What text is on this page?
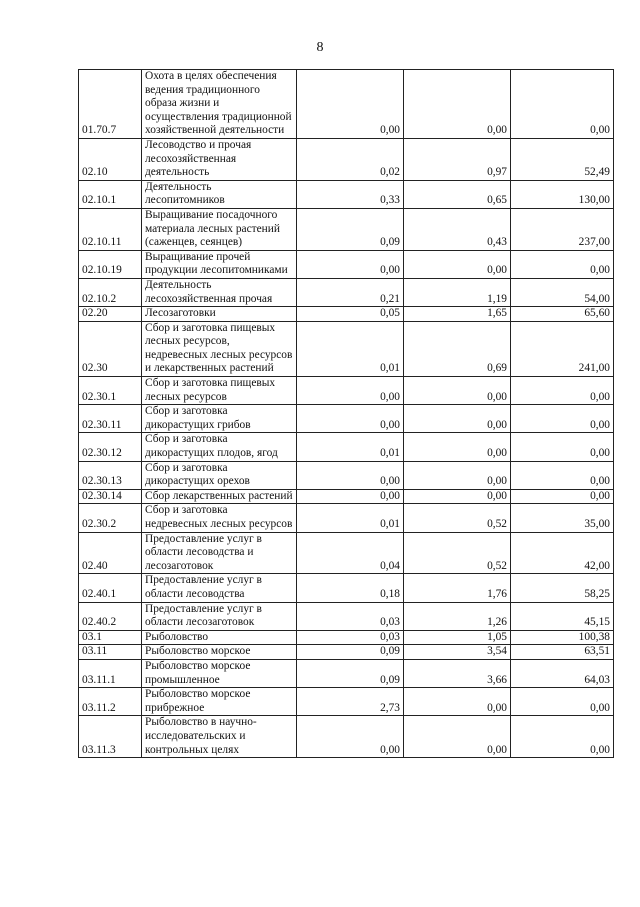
8
01.70.7	Охота в целях обеспечения ведения традиционного образа жизни и осуществления традиционной хозяйственной деятельности	0,00	0,00	0,00
02.10	Лесоводство и прочая лесохозяйственная деятельность	0,02	0,97	52,49
02.10.1	Деятельность лесопитомников	0,33	0,65	130,00
02.10.11	Выращивание посадочного материала лесных растений (саженцев, сеянцев)	0,09	0,43	237,00
02.10.19	Выращивание прочей продукции лесопитомниками	0,00	0,00	0,00
02.10.2	Деятельность лесохозяйственная прочая	0,21	1,19	54,00
02.20	Лесозаготовки	0,05	1,65	65,60
02.30	Сбор и заготовка пищевых лесных ресурсов, недревесных лесных ресурсов и лекарственных растений	0,01	0,69	241,00
02.30.1	Сбор и заготовка пищевых лесных ресурсов	0,00	0,00	0,00
02.30.11	Сбор и заготовка дикорастущих грибов	0,00	0,00	0,00
02.30.12	Сбор и заготовка дикорастущих плодов, ягод	0,01	0,00	0,00
02.30.13	Сбор и заготовка дикорастущих орехов	0,00	0,00	0,00
02.30.14	Сбор лекарственных растений	0,00	0,00	0,00
02.30.2	Сбор и заготовка недревесных лесных ресурсов	0,01	0,52	35,00
02.40	Предоставление услуг в области лесоводства и лесозаготовок	0,04	0,52	42,00
02.40.1	Предоставление услуг в области лесоводства	0,18	1,76	58,25
02.40.2	Предоставление услуг в области лесозаготовок	0,03	1,26	45,15
03.1	Рыболовство	0,03	1,05	100,38
03.11	Рыболовство морское	0,09	3,54	63,51
03.11.1	Рыболовство морское промышленное	0,09	3,66	64,03
03.11.2	Рыболовство морское прибрежное	2,73	0,00	0,00
03.11.3	Рыболовство в научно-исследовательских и контрольных целях	0,00	0,00	0,00
